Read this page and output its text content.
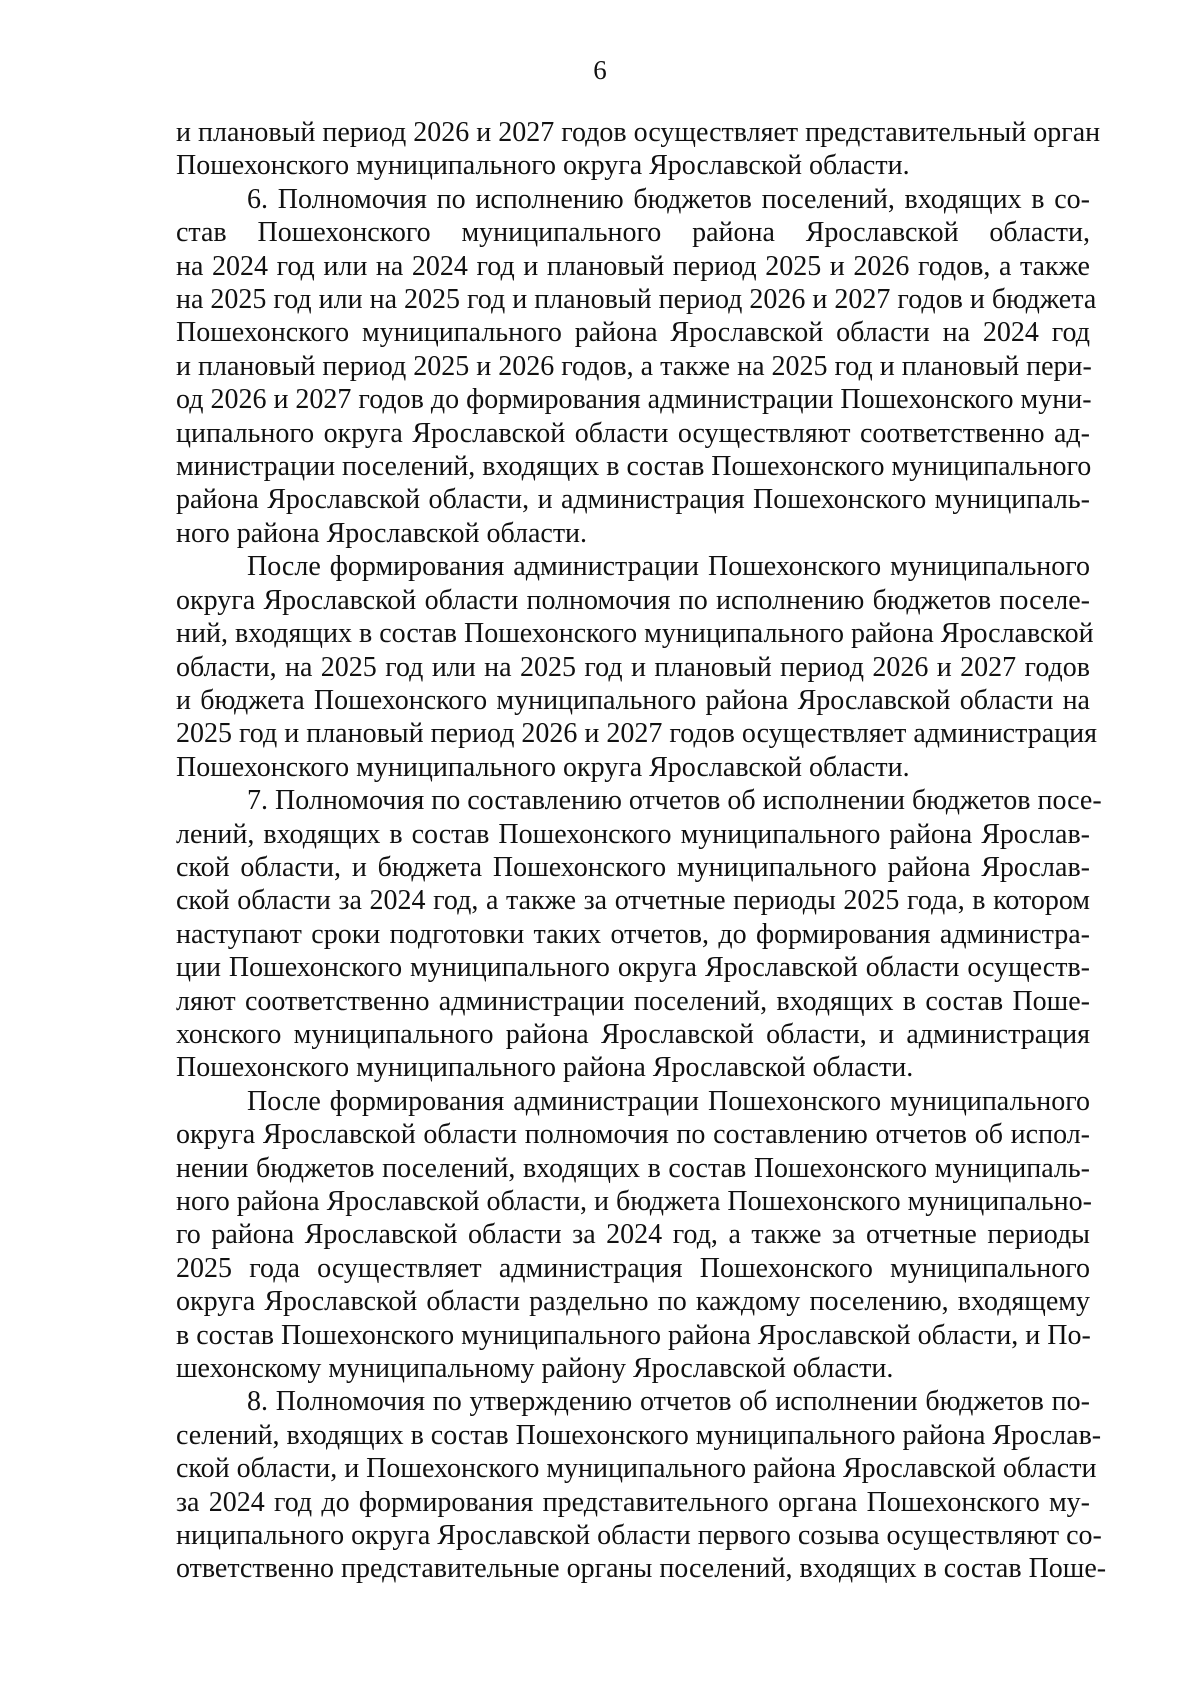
6
и плановый период 2026 и 2027 годов осуществляет представительный орган
Пошехонского муниципального округа Ярославской области.
6. Полномочия по исполнению бюджетов поселений, входящих в со-
став Пошехонского муниципального района Ярославской области,
на 2024 год или на 2024 год и плановый период 2025 и 2026 годов, а также
на 2025 год или на 2025 год и плановый период 2026 и 2027 годов и бюджета
Пошехонского муниципального района Ярославской области на 2024 год
и плановый период 2025 и 2026 годов, а также на 2025 год и плановый пери-
од 2026 и 2027 годов до формирования администрации Пошехонского муни-
ципального округа Ярославской области осуществляют соответственно ад-
министрации поселений, входящих в состав Пошехонского муниципального
района Ярославской области, и администрация Пошехонского муниципаль-
ного района Ярославской области.
После формирования администрации Пошехонского муниципального
округа Ярославской области полномочия по исполнению бюджетов поселе-
ний, входящих в состав Пошехонского муниципального района Ярославской
области, на 2025 год или на 2025 год и плановый период 2026 и 2027 годов
и бюджета Пошехонского муниципального района Ярославской области на
2025 год и плановый период 2026 и 2027 годов осуществляет администрация
Пошехонского муниципального округа Ярославской области.
7. Полномочия по составлению отчетов об исполнении бюджетов посе-
лений, входящих в состав Пошехонского муниципального района Ярослав-
ской области, и бюджета Пошехонского муниципального района Ярослав-
ской области за 2024 год, а также за отчетные периоды 2025 года, в котором
наступают сроки подготовки таких отчетов, до формирования администра-
ции Пошехонского муниципального округа Ярославской области осуществ-
ляют соответственно администрации поселений, входящих в состав Поше-
хонского муниципального района Ярославской области, и администрация
Пошехонского муниципального района Ярославской области.
После формирования администрации Пошехонского муниципального
округа Ярославской области полномочия по составлению отчетов об испол-
нении бюджетов поселений, входящих в состав Пошехонского муниципаль-
ного района Ярославской области, и бюджета Пошехонского муниципально-
го района Ярославской области за 2024 год, а также за отчетные периоды
2025 года осуществляет администрация Пошехонского муниципального
округа Ярославской области раздельно по каждому поселению, входящему
в состав Пошехонского муниципального района Ярославской области, и По-
шехонскому муниципальному району Ярославской области.
8. Полномочия по утверждению отчетов об исполнении бюджетов по-
селений, входящих в состав Пошехонского муниципального района Ярослав-
ской области, и Пошехонского муниципального района Ярославской области
за 2024 год до формирования представительного органа Пошехонского му-
ниципального округа Ярославской области первого созыва осуществляют со-
ответственно представительные органы поселений, входящих в состав Поше-
